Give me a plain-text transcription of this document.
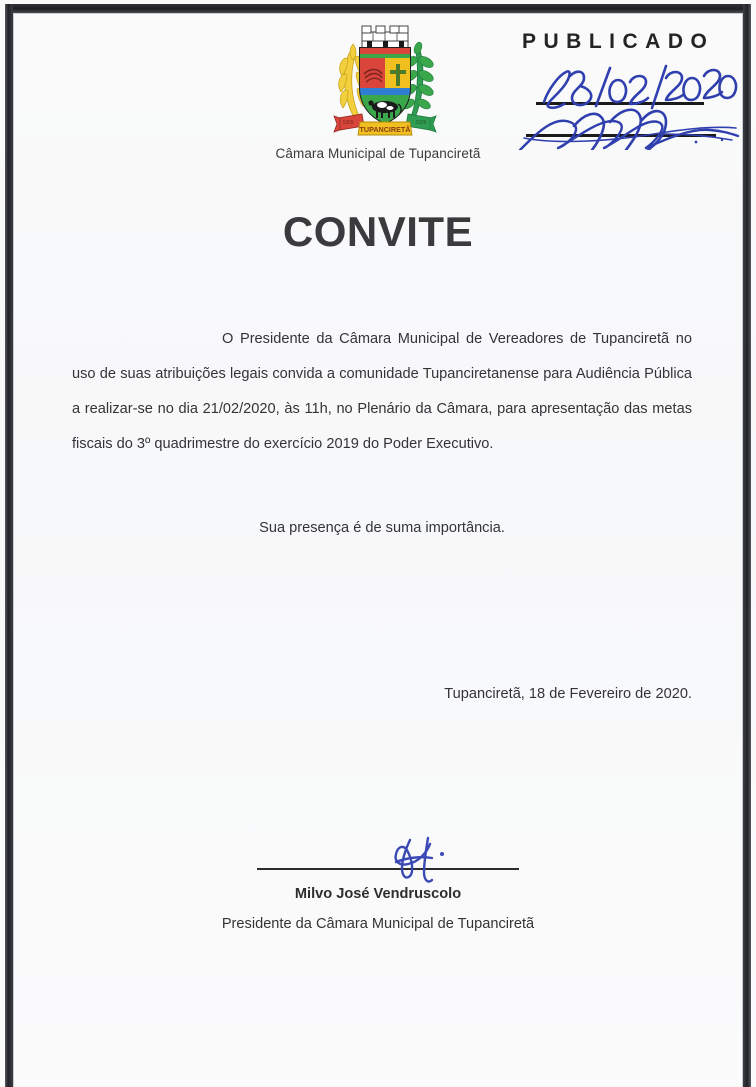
TUPANCIRETÃ
1955	1926
Câmara Municipal de Tupanciretã
PUBLICADO
CONVITE

O Presidente da Câmara Municipal de Vereadores de Tupanciretã no uso de suas atribuições legais convida a comunidade Tupanciretanense para Audiência Pública a realizar-se no dia 21/02/2020, às 11h, no Plenário da Câmara, para apresentação das metas fiscais do 3º quadrimestre do exercício 2019 do Poder Executivo.

Sua presença é de suma importância.
Tupanciretã, 18 de Fevereiro de 2020.
Milvo José Vendruscolo
Presidente da Câmara Municipal de Tupanciretã
